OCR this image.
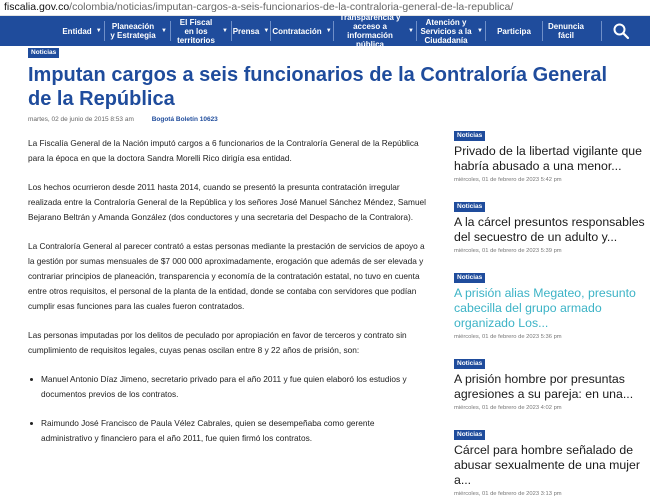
fiscalia.gov.co/colombia/noticias/imputan-cargos-a-seis-funcionarios-de-la-contraloria-general-de-la-republica/
Entidad ▼	Planeación y Estrategia
▼
El Fiscal en los territorios
▼ Prensa ▼ Contratación ▼
Transparencia y acceso a información pública
▼
Atención y Servicios a la Ciudadanía
▼ Participa Denuncia fácil
Noticias
Imputan cargos a seis funcionarios de la Contraloría General de la República
martes, 02 de junio de 2015 8:53 am	Bogotá Boletín 10623

La Fiscalía General de la Nación imputó cargos a 6 funcionarios de la Contraloría General de la República para la época en que la doctora Sandra Morelli Rico dirigía esa entidad.

Los hechos ocurrieron desde 2011 hasta 2014, cuando se presentó la presunta contratación irregular realizada entre la Contraloría General de la República y los señores José Manuel Sánchez Méndez, Samuel Bejarano Beltrán y Amanda González (dos conductores y una secretaria del Despacho de la Contralora).

La Contraloría General al parecer contrató a estas personas mediante la prestación de servicios de apoyo a la gestión por sumas mensuales de $7 000 000 aproximadamente, erogación que además de ser elevada y contrariar principios de planeación, transparencia y economía de la contratación estatal, no tuvo en cuenta entre otros requisitos, el personal de la planta de la entidad, donde se contaba con servidores que podían cumplir esas funciones para las cuales fueron contratados.

Las personas imputadas por los delitos de peculado por apropiación en favor de terceros y contrato sin cumplimiento de requisitos legales, cuyas penas oscilan entre 8 y 22 años de prisión, son:

Manuel Antonio Díaz Jimeno, secretario privado para el año 2011 y fue quien elaboró los estudios y documentos previos de los contratos.
Raimundo José Francisco de Paula Vélez Cabrales, quien se desempeñaba como gerente administrativo y financiero para el año 2011, fue quien firmó los contratos.
Noticias
Privado de la libertad vigilante que habría abusado a una menor...
miércoles, 01 de febrero de 2023 5:42 pm
Noticias
A la cárcel presuntos responsables del secuestro de un adulto y...
miércoles, 01 de febrero de 2023 5:39 pm
Noticias
A prisión alias Megateo, presunto cabecilla del grupo armado organizado Los...
miércoles, 01 de febrero de 2023 5:36 pm
Noticias
A prisión hombre por presuntas agresiones a su pareja: en una...
miércoles, 01 de febrero de 2023 4:02 pm
Noticias
Cárcel para hombre señalado de abusar sexualmente de una mujer a...
miércoles, 01 de febrero de 2023 3:13 pm
